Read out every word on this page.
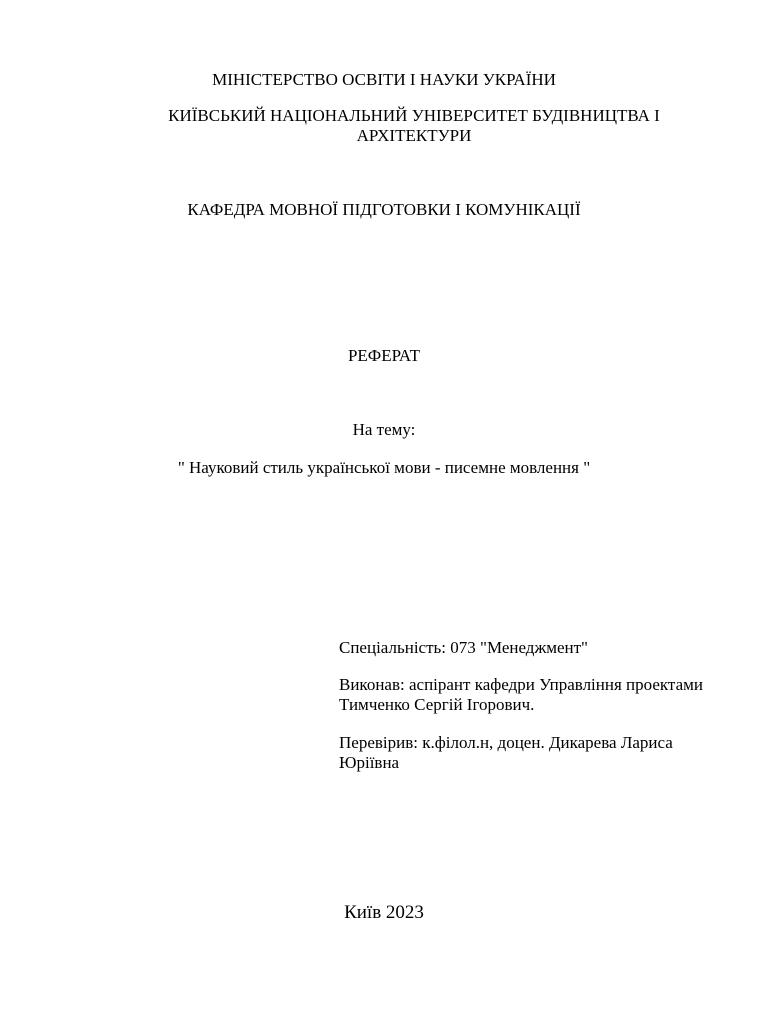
МІНІСТЕРСТВО ОСВІТИ І НАУКИ УКРАЇНИ
КИЇВСЬКИЙ НАЦІОНАЛЬНИЙ УНІВЕРСИТЕТ БУДІВНИЦТВА І АРХІТЕКТУРИ
КАФЕДРА МОВНОЇ ПІДГОТОВКИ І КОМУНІКАЦІЇ
РЕФЕРАТ
На тему:
" Науковий стиль української мови - писемне мовлення "
Спеціальність: 073 "Менеджмент"
Виконав: аспірант кафедри Управління проектами Тимченко Сергій Ігорович.
Перевірив: к.філол.н, доцен. Дикарева Лариса Юріївна
Київ 2023
